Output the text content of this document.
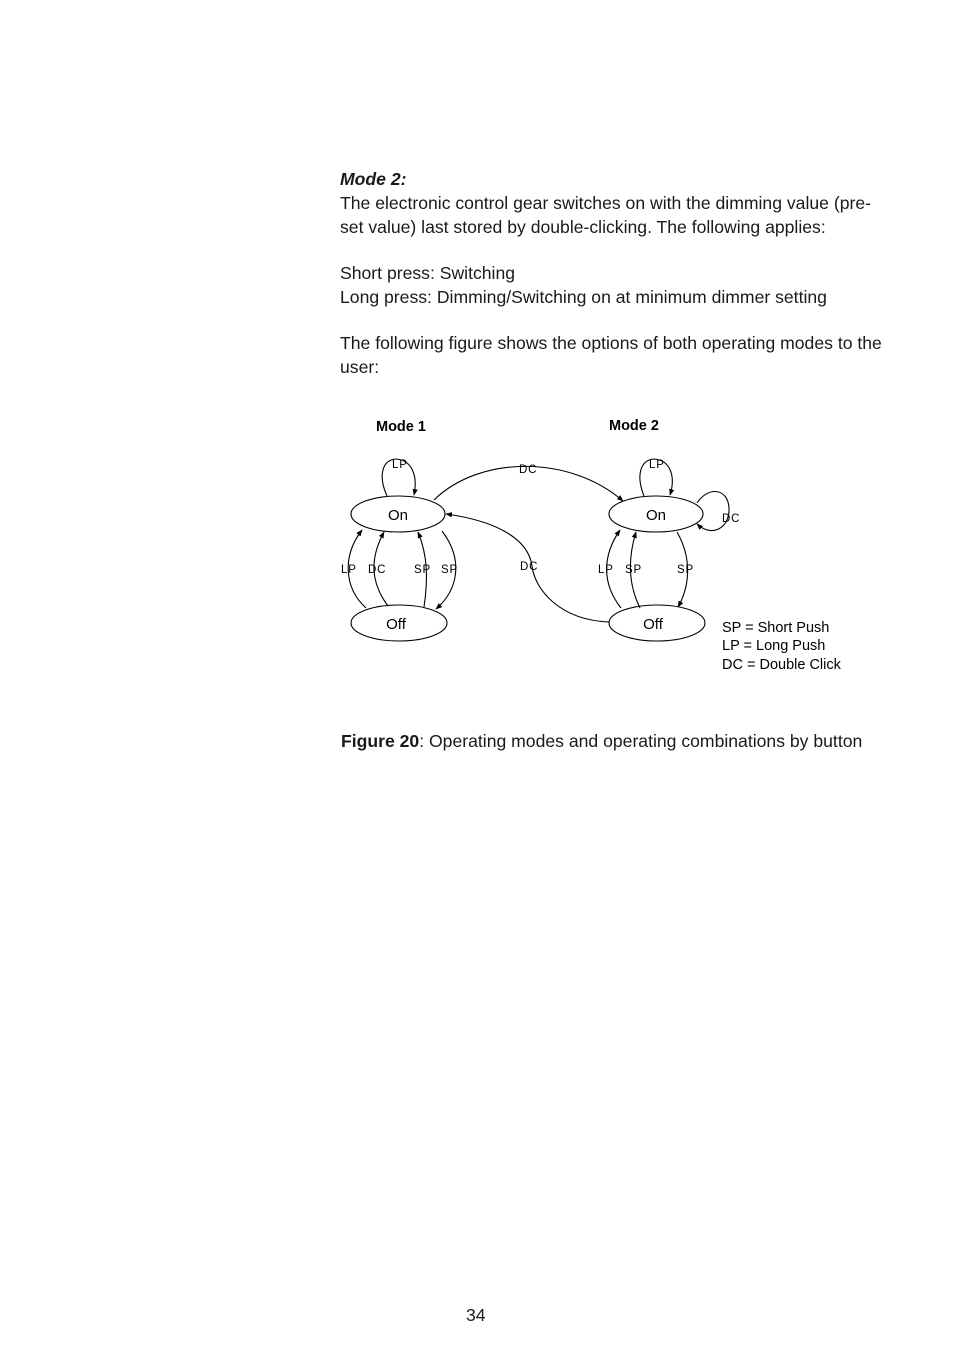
Mode 2:
The electronic control gear switches on with the dimming value (pre-
set value) last stored by double-clicking. The following applies:
Short press: Switching
Long press: Dimming/Switching on at minimum dimmer setting
The following figure shows the options of both operating modes to the
user:
Mode 1	Mode 2
On
Off
On
Off
LP
LP DC SP SP
DC
DC
LP
DC
LP SP	SP
SP = Short Push
LP = Long Push
DC = Double Click
Figure 20: Operating modes and operating combinations by button
34
